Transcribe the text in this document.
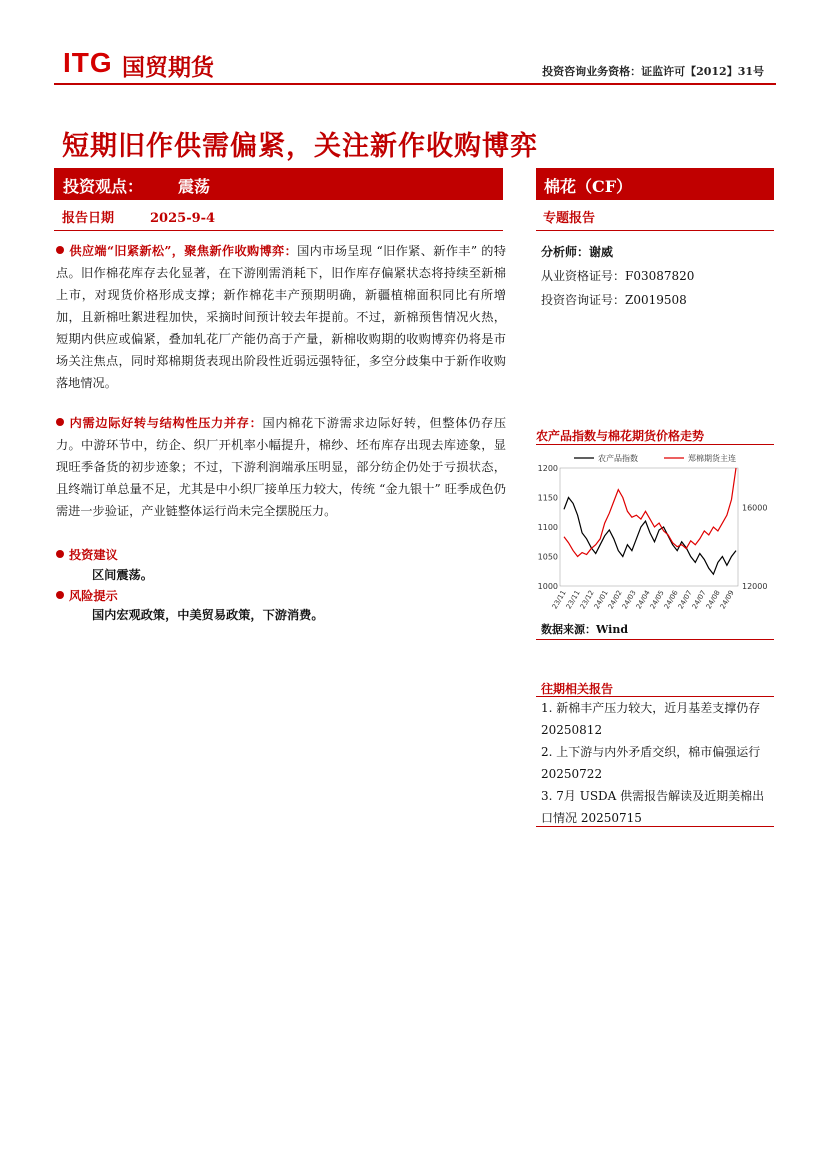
ITG 国贸期货	投资咨询业务资格：证监许可【2012】31号
短期旧作供需偏紧，关注新作收购博弈
投资观点： 震荡
报告日期	2025-9-4
棉花（CF）
专题报告
分析师：谢威
从业资格证号：F03087820
投资咨询证号：Z0019508
供应端“旧紧新松”，聚焦新作收购博弈：国内市场呈现 “旧作紧、新作丰” 的特点。旧作棉花库存去化显著，在下游刚需消耗下，旧作库存偏紧状态将持续至新棉上市，对现货价格形成支撑；新作棉花丰产预期明确，新疆植棉面积同比有所增加，且新棉吐絮进程加快，采摘时间预计较去年提前。不过，新棉预售情况火热，短期内供应或偏紧，叠加轧花厂产能仍高于产量，新棉收购期的收购博弈仍将是市场关注焦点，同时郑棉期货表现出阶段性近弱远强特征，多空分歧集中于新作收购落地情况。
内需边际好转与结构性压力并存：国内棉花下游需求边际好转，但整体仍存压力。中游环节中，纺企、织厂开机率小幅提升，棉纱、坯布库存出现去库迹象，显现旺季备货的初步迹象；不过，下游利润端承压明显，部分纺企仍处于亏损状态，且终端订单总量不足，尤其是中小织厂接单压力较大，传统 “金九银十” 旺季成色仍需进一步验证，产业链整体运行尚未完全摆脱压力。
投资建议
区间震荡。
风险提示
国内宏观政策，中美贸易政策，下游消费。
农产品指数与棉花期货价格走势
1000
1050
1100
1150
1200
12000
16000
23/11
23/11
23/12
24/01
24/02
24/03
24/04
24/05
24/06
24/07
24/07
24/08
24/09
农产品指数	郑棉期货主连
数据来源：Wind
往期相关报告
1. 新棉丰产压力较大，近月基差支撑仍存 20250812
2. 上下游与内外矛盾交织，棉市偏强运行 20250722
3. 7月 USDA 供需报告解读及近期美棉出口情况 20250715
